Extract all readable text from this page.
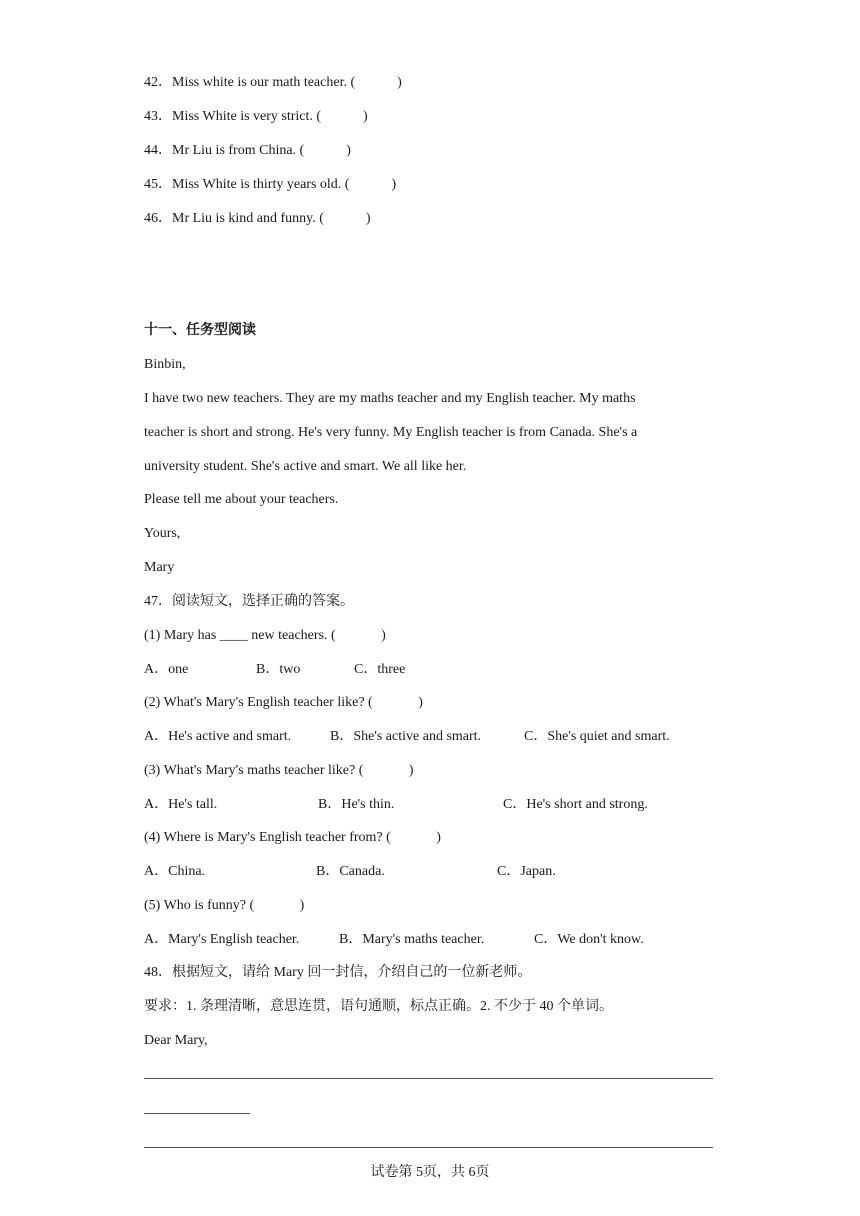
42．Miss white is our math teacher. (            )
43．Miss White is very strict. (            )
44．Mr Liu is from China. (            )
45．Miss White is thirty years old. (            )
46．Mr Liu is kind and funny. (            )
十一、任务型阅读
Binbin,
I have two new teachers. They are my maths teacher and my English teacher. My maths
teacher is short and strong. He's very funny. My English teacher is from Canada. She's a
university student. She's active and smart. We all like her.
Please tell me about your teachers.
Yours,
Mary
47．阅读短文，选择正确的答案。
(1) Mary has ____ new teachers. (             )
A．one	B．two	C．three
(2) What's Mary's English teacher like? (             )
A．He's active and smart.	B．She's active and smart.	C．She's quiet and smart.
(3) What's Mary's maths teacher like? (             )
A．He's tall.	B．He's thin.	C．He's short and strong.
(4) Where is Mary's English teacher from? (             )
A．China.	B．Canada.	C．Japan.
(5) Who is funny? (             )
A．Mary's English teacher.	B．Mary's maths teacher.	C．We don't know.
48．根据短文，请给 Mary 回一封信，介绍自己的一位新老师。
要求：1. 条理清晰，意思连贯，语句通顺，标点正确。2. 不少于 40 个单词。
Dear Mary,
试卷第 5页，共 6页
